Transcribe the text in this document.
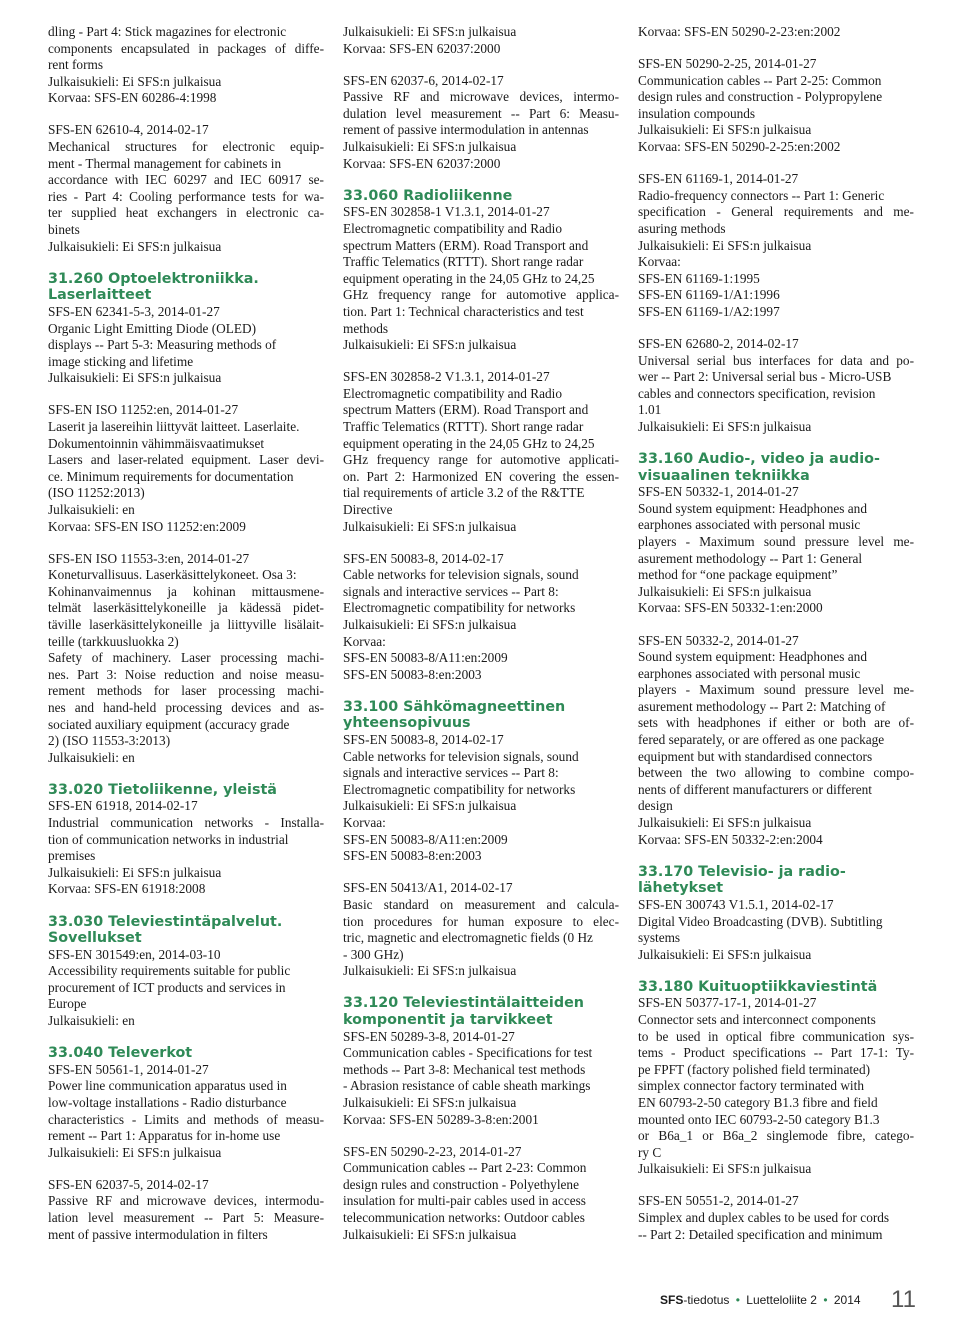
dling - Part 4: Stick magazines for electronic
components encapsulated in packages of diffe-
rent forms
Julkaisukieli: Ei SFS:n julkaisua
Korvaa: SFS-EN 60286-4:1998
SFS-EN 62610-4, 2014-02-17
Mechanical structures for electronic equip-
ment - Thermal management for cabinets in
accordance with IEC 60297 and IEC 60917 se-
ries - Part 4: Cooling performance tests for wa-
ter supplied heat exchangers in electronic ca-
binets
Julkaisukieli: Ei SFS:n julkaisua
31.260 Optoelektroniikka.
Laserlaitteet
SFS-EN 62341-5-3, 2014-01-27
Organic Light Emitting Diode (OLED)
displays -- Part 5-3: Measuring methods of
image sticking and lifetime
Julkaisukieli: Ei SFS:n julkaisua
SFS-EN ISO 11252:en, 2014-01-27
Laserit ja lasereihin liittyvät laitteet. Laserlaite.
Dokumentoinnin vähimmäisvaatimukset
Lasers and laser-related equipment. Laser devi-
ce. Minimum requirements for documentation
(ISO 11252:2013)
Julkaisukieli: en
Korvaa: SFS-EN ISO 11252:en:2009
SFS-EN ISO 11553-3:en, 2014-01-27
Koneturvallisuus. Laserkäsittelykoneet. Osa 3:
Kohinanvaimennus ja kohinan mittausmene-
telmät laserkäsittelykoneille ja kädessä pidet-
täville laserkäsittelykoneille ja liittyville lisälait-
teille (tarkkuusluokka 2)
Safety of machinery. Laser processing machi-
nes. Part 3: Noise reduction and noise measu-
rement methods for laser processing machi-
nes and hand-held processing devices and as-
sociated auxiliary equipment (accuracy grade
2) (ISO 11553-3:2013)
Julkaisukieli: en
33.020 Tietoliikenne, yleistä
SFS-EN 61918, 2014-02-17
Industrial communication networks - Installa-
tion of communication networks in industrial
premises
Julkaisukieli: Ei SFS:n julkaisua
Korvaa: SFS-EN 61918:2008
33.030 Televiestintäpalvelut.
Sovellukset
SFS-EN 301549:en, 2014-03-10
Accessibility requirements suitable for public
procurement of ICT products and services in
Europe
Julkaisukieli: en
33.040 Televerkot
SFS-EN 50561-1, 2014-01-27
Power line communication apparatus used in
low-voltage installations - Radio disturbance
characteristics - Limits and methods of measu-
rement -- Part 1: Apparatus for in-home use
Julkaisukieli: Ei SFS:n julkaisua
SFS-EN 62037-5, 2014-02-17
Passive RF and microwave devices, intermodu-
lation level measurement -- Part 5: Measure-
ment of passive intermodulation in filters
Julkaisukieli: Ei SFS:n julkaisua
Korvaa: SFS-EN 62037:2000
SFS-EN 62037-6, 2014-02-17
Passive RF and microwave devices, intermo-
dulation level measurement -- Part 6: Measu-
rement of passive intermodulation in antennas
Julkaisukieli: Ei SFS:n julkaisua
Korvaa: SFS-EN 62037:2000
33.060 Radioliikenne
SFS-EN 302858-1 V1.3.1, 2014-01-27
Electromagnetic compatibility and Radio
spectrum Matters (ERM). Road Transport and
Traffic Telematics (RTTT). Short range radar
equipment operating in the 24,05 GHz to 24,25
GHz frequency range for automotive applica-
tion. Part 1: Technical characteristics and test
methods
Julkaisukieli: Ei SFS:n julkaisua
SFS-EN 302858-2 V1.3.1, 2014-01-27
Electromagnetic compatibility and Radio
spectrum Matters (ERM). Road Transport and
Traffic Telematics (RTTT). Short range radar
equipment operating in the 24,05 GHz to 24,25
GHz frequency range for automotive applicati-
on. Part 2: Harmonized EN covering the essen-
tial requirements of article 3.2 of the R&TTE
Directive
Julkaisukieli: Ei SFS:n julkaisua
SFS-EN 50083-8, 2014-02-17
Cable networks for television signals, sound
signals and interactive services -- Part 8:
Electromagnetic compatibility for networks
Julkaisukieli: Ei SFS:n julkaisua
Korvaa:
SFS-EN 50083-8/A11:en:2009
SFS-EN 50083-8:en:2003
33.100 Sähkömagneettinen
yhteensopivuus
SFS-EN 50083-8, 2014-02-17
Cable networks for television signals, sound
signals and interactive services -- Part 8:
Electromagnetic compatibility for networks
Julkaisukieli: Ei SFS:n julkaisua
Korvaa:
SFS-EN 50083-8/A11:en:2009
SFS-EN 50083-8:en:2003
SFS-EN 50413/A1, 2014-02-17
Basic standard on measurement and calcula-
tion procedures for human exposure to elec-
tric, magnetic and electromagnetic fields (0 Hz
- 300 GHz)
Julkaisukieli: Ei SFS:n julkaisua
33.120 Televiestintälaitteiden
komponentit ja tarvikkeet
SFS-EN 50289-3-8, 2014-01-27
Communication cables - Specifications for test
methods -- Part 3-8: Mechanical test methods
- Abrasion resistance of cable sheath markings
Julkaisukieli: Ei SFS:n julkaisua
Korvaa: SFS-EN 50289-3-8:en:2001
SFS-EN 50290-2-23, 2014-01-27
Communication cables -- Part 2-23: Common
design rules and construction - Polyethylene
insulation for multi-pair cables used in access
telecommunication networks: Outdoor cables
Julkaisukieli: Ei SFS:n julkaisua
Korvaa: SFS-EN 50290-2-23:en:2002
SFS-EN 50290-2-25, 2014-01-27
Communication cables -- Part 2-25: Common
design rules and construction - Polypropylene
insulation compounds
Julkaisukieli: Ei SFS:n julkaisua
Korvaa: SFS-EN 50290-2-25:en:2002
SFS-EN 61169-1, 2014-01-27
Radio-frequency connectors -- Part 1: Generic
specification - General requirements and me-
asuring methods
Julkaisukieli: Ei SFS:n julkaisua
Korvaa:
SFS-EN 61169-1:1995
SFS-EN 61169-1/A1:1996
SFS-EN 61169-1/A2:1997
SFS-EN 62680-2, 2014-02-17
Universal serial bus interfaces for data and po-
wer -- Part 2: Universal serial bus - Micro-USB
cables and connectors specification, revision
1.01
Julkaisukieli: Ei SFS:n julkaisua
33.160 Audio-, video ja audio-
visuaalinen tekniikka
SFS-EN 50332-1, 2014-01-27
Sound system equipment: Headphones and
earphones associated with personal music
players - Maximum sound pressure level me-
asurement methodology -- Part 1: General
method for “one package equipment”
Julkaisukieli: Ei SFS:n julkaisua
Korvaa: SFS-EN 50332-1:en:2000
SFS-EN 50332-2, 2014-01-27
Sound system equipment: Headphones and
earphones associated with personal music
players - Maximum sound pressure level me-
asurement methodology -- Part 2: Matching of
sets with headphones if either or both are of-
fered separately, or are offered as one package
equipment but with standardised connectors
between the two allowing to combine compo-
nents of different manufacturers or different
design
Julkaisukieli: Ei SFS:n julkaisua
Korvaa: SFS-EN 50332-2:en:2004
33.170 Televisio- ja radio-
lähetykset
SFS-EN 300743 V1.5.1, 2014-02-17
Digital Video Broadcasting (DVB). Subtitling
systems
Julkaisukieli: Ei SFS:n julkaisua
33.180 Kuituoptiikkaviestintä
SFS-EN 50377-17-1, 2014-01-27
Connector sets and interconnect components
to be used in optical fibre communication sys-
tems - Product specifications -- Part 17-1: Ty-
pe FPFT (factory polished field terminated)
simplex connector factory terminated with
EN 60793-2-50 category B1.3 fibre and field
mounted onto IEC 60793-2-50 category B1.3
or B6a_1 or B6a_2 singlemode fibre, catego-
ry C
Julkaisukieli: Ei SFS:n julkaisua
SFS-EN 50551-2, 2014-01-27
Simplex and duplex cables to be used for cords
-- Part 2: Detailed specification and minimum
SFS-tiedotus • Luetteloliite 2 • 2014 11
